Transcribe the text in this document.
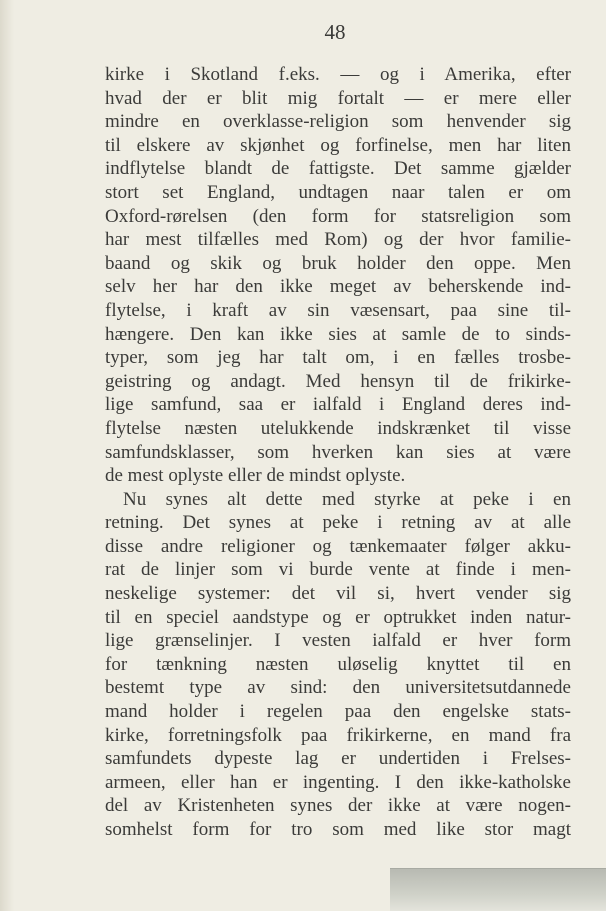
48
kirke i Skotland f.eks. — og i Amerika, efter
hvad der er blit mig fortalt — er mere eller
mindre en overklasse-religion som henvender sig
til elskere av skjønhet og forfinelse, men har liten
indflytelse blandt de fattigste. Det samme gjælder
stort set England, undtagen naar talen er om
Oxford-rørelsen (den form for statsreligion som
har mest tilfælles med Rom) og der hvor familie-
baand og skik og bruk holder den oppe. Men
selv her har den ikke meget av beherskende ind-
flytelse, i kraft av sin væsensart, paa sine til-
hængere. Den kan ikke sies at samle de to sinds-
typer, som jeg har talt om, i en fælles trosbe-
geistring og andagt. Med hensyn til de frikirke-
lige samfund, saa er ialfald i England deres ind-
flytelse næsten utelukkende indskrænket til visse
samfundsklasser, som hverken kan sies at være
de mest oplyste eller de mindst oplyste.
Nu synes alt dette med styrke at peke i en
retning. Det synes at peke i retning av at alle
disse andre religioner og tænkemaater følger akku-
rat de linjer som vi burde vente at finde i men-
neskelige systemer: det vil si, hvert vender sig
til en speciel aandstype og er optrukket inden natur-
lige grænselinjer. I vesten ialfald er hver form
for tænkning næsten uløselig knyttet til en
bestemt type av sind: den universitetsutdannede
mand holder i regelen paa den engelske stats-
kirke, forretningsfolk paa frikirkerne, en mand fra
samfundets dypeste lag er undertiden i Frelses-
armeen, eller han er ingenting. I den ikke-katholske
del av Kristenheten synes der ikke at være nogen-
somhelst form for tro som med like stor magt
